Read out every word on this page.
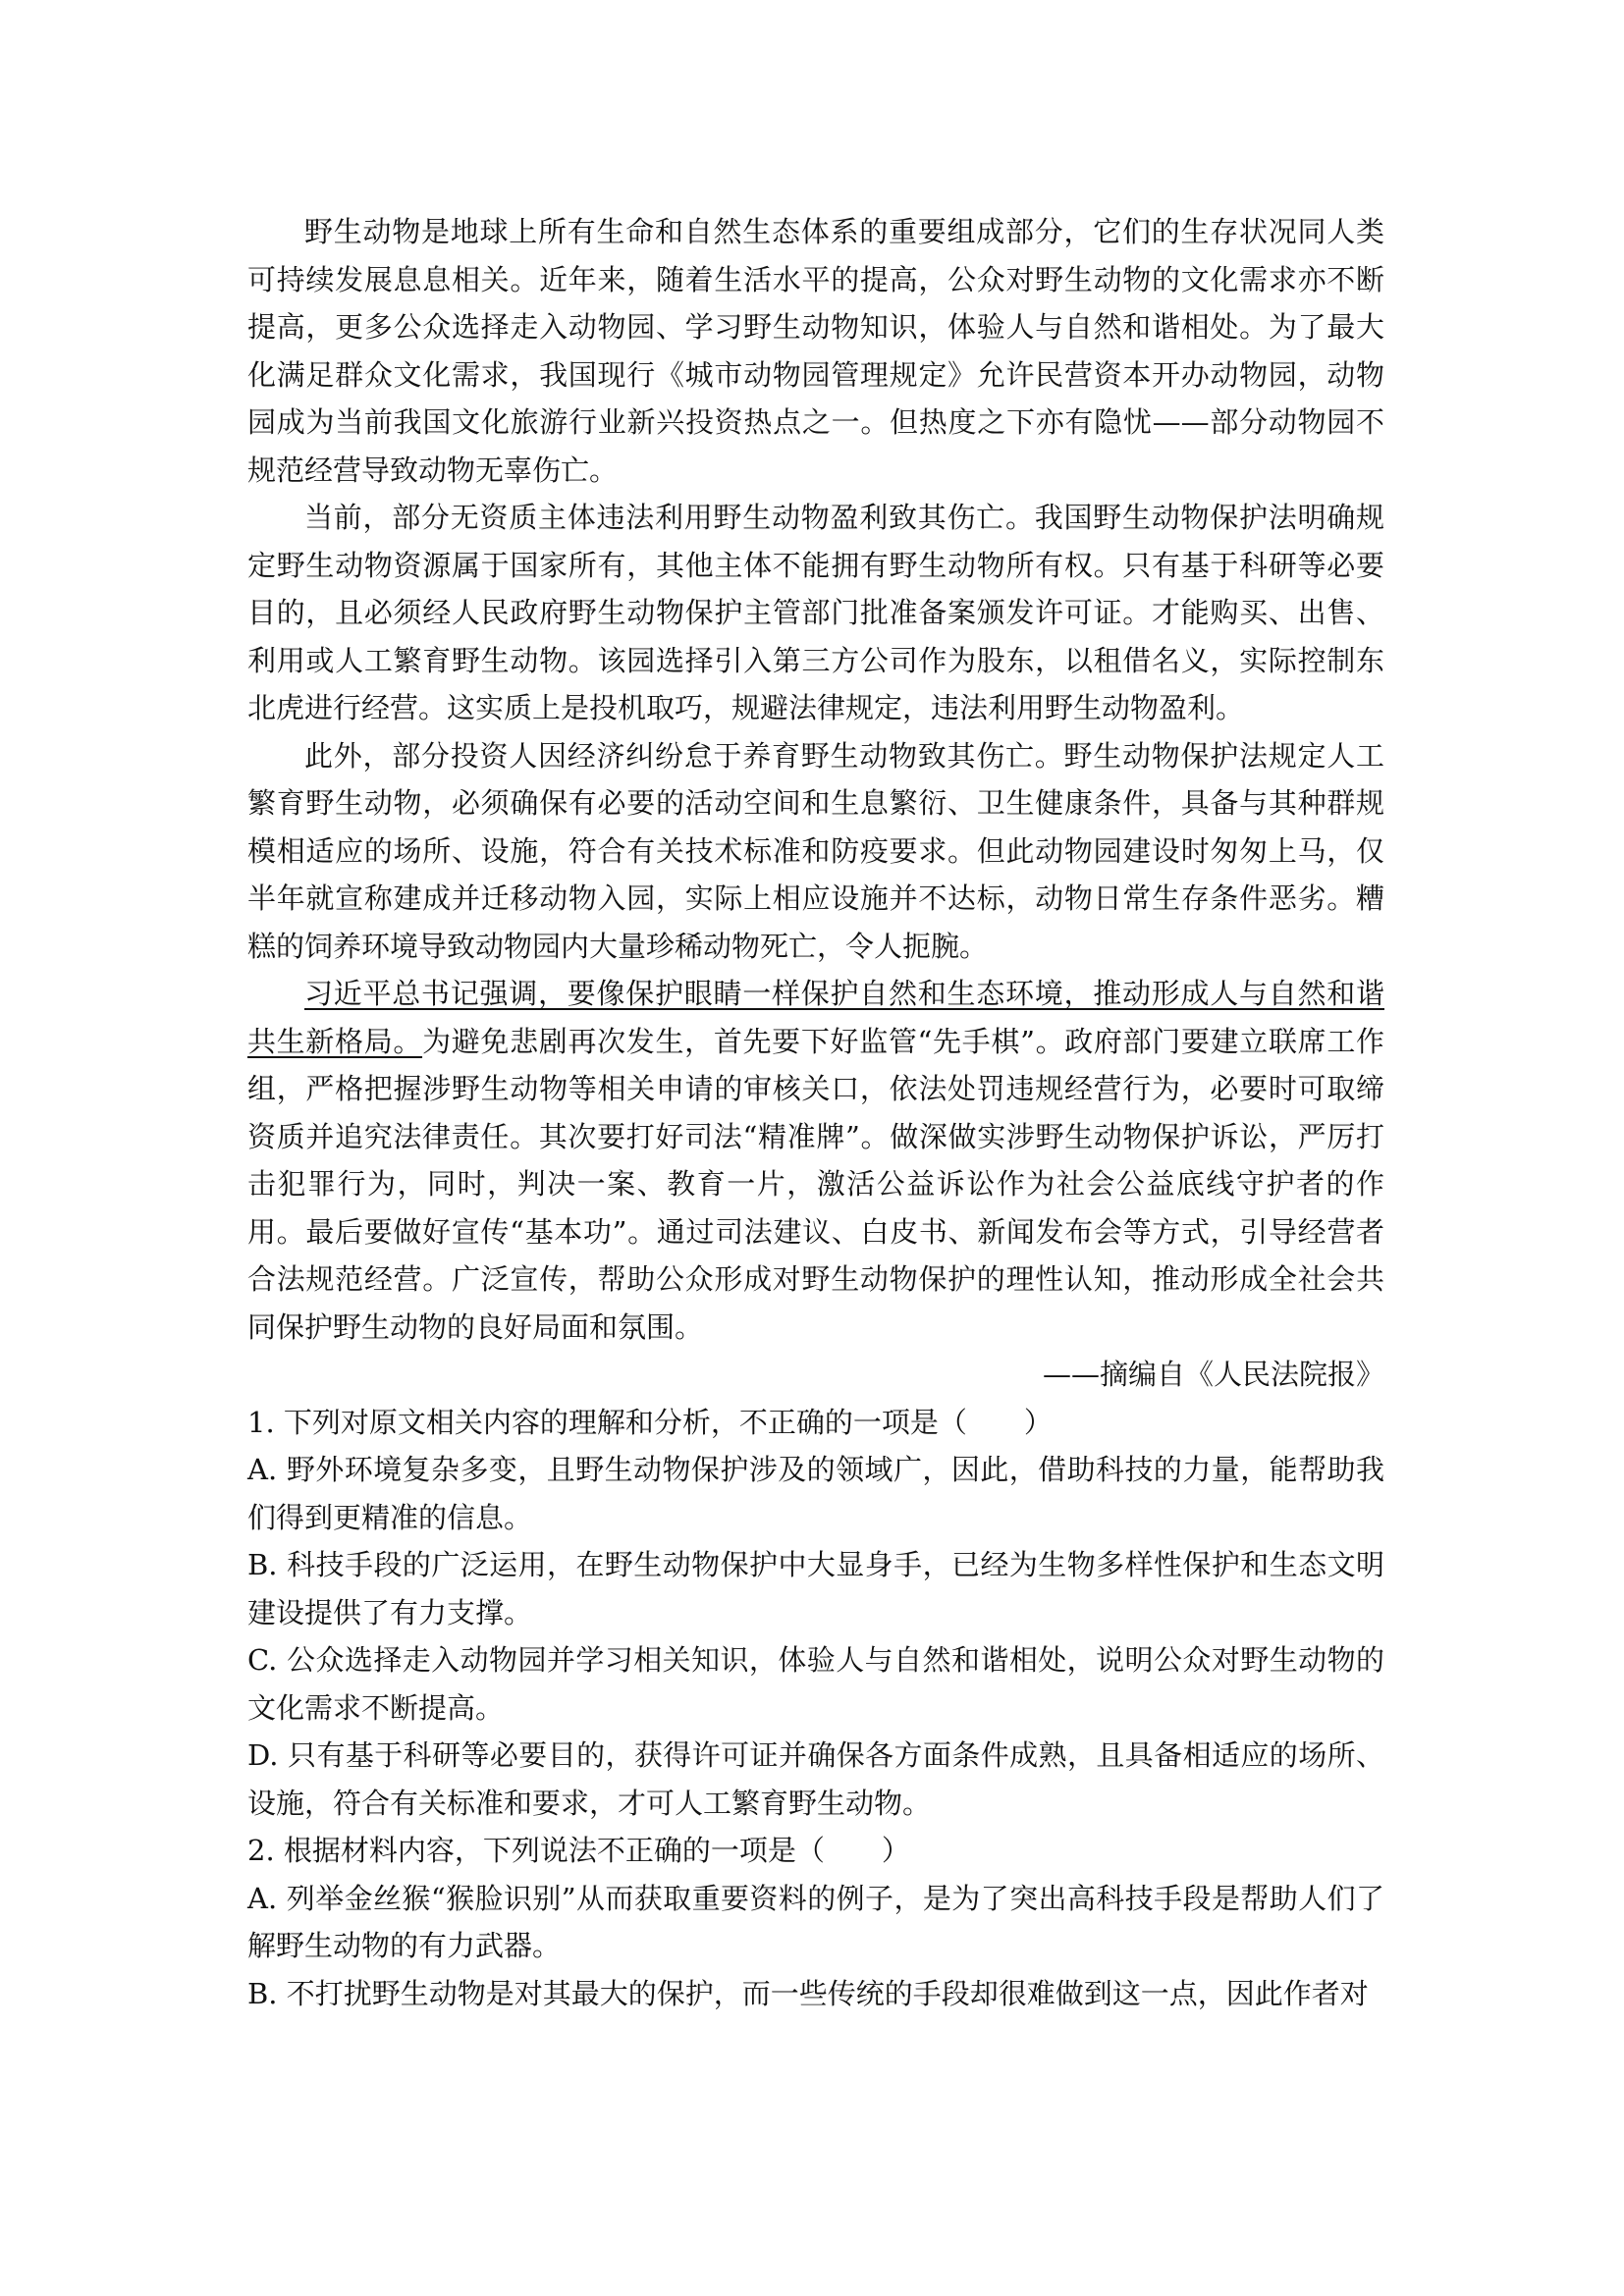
野生动物是地球上所有生命和自然生态体系的重要组成部分，它们的生存状况同人类可持续发展息息相关。近年来，随着生活水平的提高，公众对野生动物的文化需求亦不断提高，更多公众选择走入动物园、学习野生动物知识，体验人与自然和谐相处。为了最大化满足群众文化需求，我国现行《城市动物园管理规定》允许民营资本开办动物园，动物园成为当前我国文化旅游行业新兴投资热点之一。但热度之下亦有隐忧——部分动物园不规范经营导致动物无辜伤亡。

当前，部分无资质主体违法利用野生动物盈利致其伤亡。我国野生动物保护法明确规定野生动物资源属于国家所有，其他主体不能拥有野生动物所有权。只有基于科研等必要目的，且必须经人民政府野生动物保护主管部门批准备案颁发许可证。才能购买、出售、利用或人工繁育野生动物。该园选择引入第三方公司作为股东，以租借名义，实际控制东北虎进行经营。这实质上是投机取巧，规避法律规定，违法利用野生动物盈利。

此外，部分投资人因经济纠纷怠于养育野生动物致其伤亡。野生动物保护法规定人工繁育野生动物，必须确保有必要的活动空间和生息繁衍、卫生健康条件，具备与其种群规模相适应的场所、设施，符合有关技术标准和防疫要求。但此动物园建设时匆匆上马，仅半年就宣称建成并迁移动物入园，实际上相应设施并不达标，动物日常生存条件恶劣。糟糕的饲养环境导致动物园内大量珍稀动物死亡，令人扼腕。

习近平总书记强调，要像保护眼睛一样保护自然和生态环境，推动形成人与自然和谐共生新格局。为避免悲剧再次发生，首先要下好监管“先手棋”。政府部门要建立联席工作组，严格把握涉野生动物等相关申请的审核关口，依法处罚违规经营行为，必要时可取缔资质并追究法律责任。其次要打好司法“精准牌”。做深做实涉野生动物保护诉讼，严厉打击犯罪行为，同时，判决一案、教育一片，激活公益诉讼作为社会公益底线守护者的作用。最后要做好宣传“基本功”。通过司法建议、白皮书、新闻发布会等方式，引导经营者合法规范经营。广泛宣传，帮助公众形成对野生动物保护的理性认知，推动形成全社会共同保护野生动物的良好局面和氛围。

——摘编自《人民法院报》

1. 下列对原文相关内容的理解和分析，不正确的一项是（　　）

A. 野外环境复杂多变，且野生动物保护涉及的领域广，因此，借助科技的力量，能帮助我们得到更精准的信息。

B. 科技手段的广泛运用，在野生动物保护中大显身手，已经为生物多样性保护和生态文明建设提供了有力支撑。

C. 公众选择走入动物园并学习相关知识，体验人与自然和谐相处，说明公众对野生动物的文化需求不断提高。

D. 只有基于科研等必要目的，获得许可证并确保各方面条件成熟，且具备相适应的场所、设施，符合有关标准和要求，才可人工繁育野生动物。

2. 根据材料内容，下列说法不正确的一项是（　　）

A. 列举金丝猴“猴脸识别”从而获取重要资料的例子，是为了突出高科技手段是帮助人们了解野生动物的有力武器。

B. 不打扰野生动物是对其最大的保护，而一些传统的手段却很难做到这一点，因此作者对
